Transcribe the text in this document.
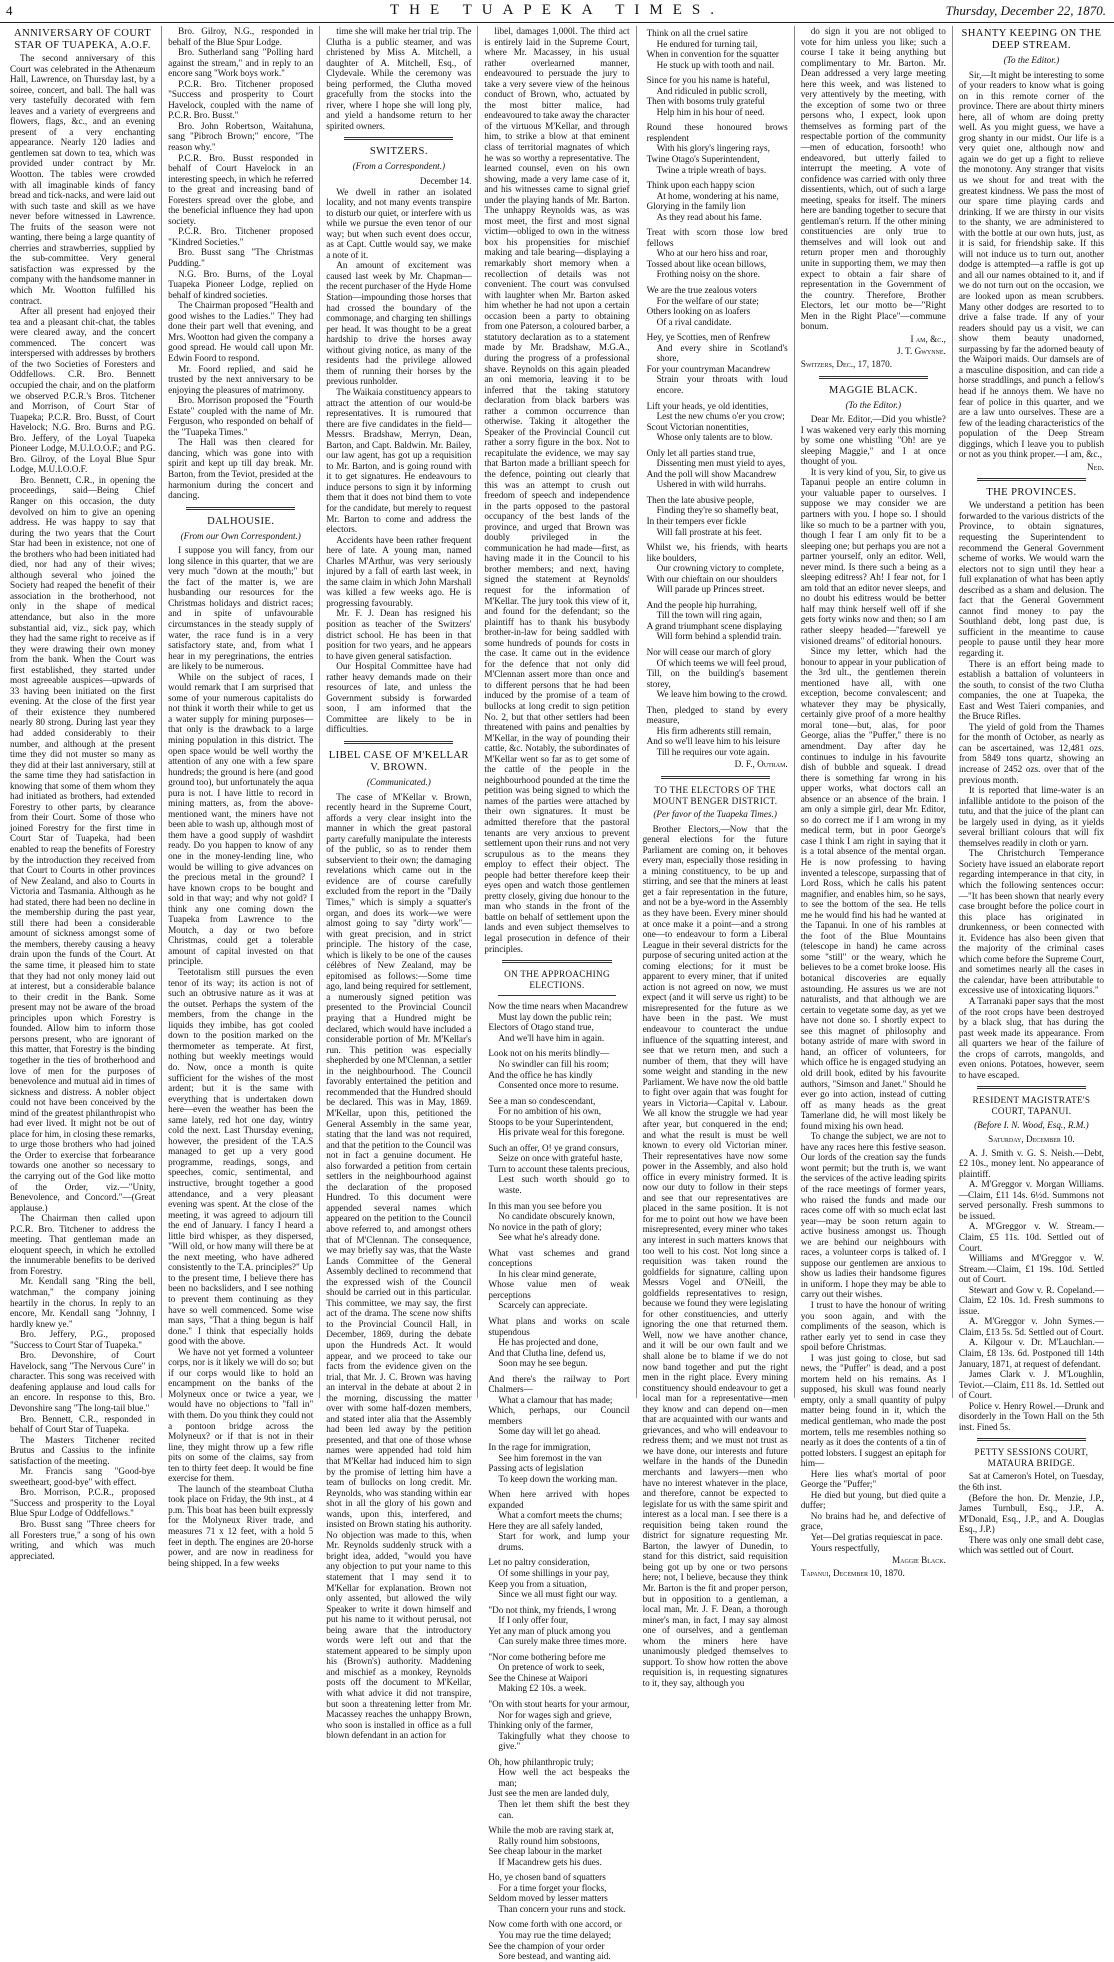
4	THE TUAPEKA TIMES.	Thursday, December 22, 1870.
ANNIVERSARY OF COURT STAR OF TUAPEKA, A.O.F.

The second anniversary of this Court was celebrated in the Athenæum Hall, Lawrence, on Thursday last, by a soiree, concert, and ball. The hall was very tastefully decorated with fern leaves and a variety of evergreens and flowers, flags, &c., and an evening present of a very enchanting appearance. Nearly 120 ladies and gentlemen sat down to tea, which was provided under contract by Mr. Wootton. The tables were crowded with all imaginable kinds of fancy bread and tick-nacks, and were laid out with such taste and skill as we have never before witnessed in Lawrence. The fruits of the season were not wanting, there being a large quantity of cherries and strawberries, supplied by the sub-committee. Very general satisfaction was expressed by the company with the handsome manner in which Mr. Wootton fulfilled his contract.

After all present had enjoyed their tea and a pleasant chit-chat, the tables were cleared away, and the concert commenced. The concert was interspersed with addresses by brothers of the two Societies of Foresters and Oddfellows. C.R. Bro. Bennett occupied the chair, and on the platform we observed P.C.R.'s Bros. Titchener and Morrison, of Court Star of Tuapeka; P.C.R. Bro. Busst, of Court Havelock; N.G. Bro. Burns and P.G. Bro. Jeffery, of the Loyal Tuapeka Pioneer Lodge, M.U.I.O.O.F.; and P.G. Bro. Gilroy, of the Loyal Blue Spur Lodge, M.U.I.O.O.F.

Bro. Bennett, C.R., in opening the proceedings, said—Being Chief Ranger on this occasion, the duty devolved on him to give an opening address. He was happy to say that during the two years that the Court Star had been in existence, not one of the brothers who had been initiated had died, nor had any of their wives; although several who joined the Society had reaped the benefit of their association in the brotherhood, not only in the shape of medical attendance, but also in the more substantial aid, viz., sick pay, which they had the same right to receive as if they were drawing their own money from the bank. When the Court was first established, they started under most agreeable auspices—upwards of 33 having been initiated on the first evening. At the close of the first year of their existence they numbered nearly 80 strong. During last year they had added considerably to their number, and although at the present time they did not muster so many as they did at their last anniversary, still at the same time they had satisfaction in knowing that some of them whom they had initiated as brothers, had extended Forestry to other parts, by clearance from their Court. Some of those who joined Forestry for the first time in Court Star of Tuapeka, had been enabled to reap the benefits of Forestry by the introduction they received from that Court to Courts in other provinces of New Zealand, and also to Courts in Victoria and Tasmania. Although as he had stated, there had been no decline in the membership during the past year, still there had been a considerable amount of sickness amongst some of the members, thereby causing a heavy drain upon the funds of the Court. At the same time, it pleased him to state that they had not only money laid out at interest, but a considerable balance to their credit in the Bank. Some present may not be aware of the broad principles upon which Forestry is founded. Allow him to inform those persons present, who are ignorant of this matter, that Forestry is the binding together in the ties of brotherhood and love of men for the purposes of benevolence and mutual aid in times of sickness and distress. A nobler object could not have been conceived by the mind of the greatest philanthropist who had ever lived. It might not be out of place for him, in closing these remarks, to urge those brothers who had joined the Order to exercise that forbearance towards one another so necessary to the carrying out of the God like motto of the Order, viz.—"Unity, Benevolence, and Concord."—(Great applause.)

The Chairman then called upon P.C.R. Bro. Titchener to address the meeting. That gentleman made an eloquent speech, in which he extolled the innumerable benefits to be derived from Forestry.

Mr. Kendall sang "Ring the bell, watchman," the company joining heartily in the chorus. In reply to an encore, Mr. Kendall sang "Johnny, I hardly knew ye."

Bro. Jeffery, P.G., proposed "Success to Court Star of Tuapeka."

Bro. Devonshire, of Court Havelock, sang "The Nervous Cure" in character. This song was received with deafening applause and loud calls for an encore. In response to this, Bro. Devonshire sang "The long-tail blue."

Bro. Bennett, C.R., responded in behalf of Court Star of Tuapeka.

The Masters Titchener recited Brutus and Cassius to the infinite satisfaction of the meeting.

Mr. Francis sang "Good-bye sweetheart, good-bye" with effect.

Bro. Morrison, P.C.R., proposed "Success and prosperity to the Loyal Blue Spur Lodge of Oddfellows."

Bro. Busst sang "Three cheers for all Foresters true," a song of his own writing, and which was much appreciated.

Bro. Gilroy, N.G., responded in behalf of the Blue Spur Lodge.

Bro. Sutherland sang "Polling hard against the stream," and in reply to an encore sang "Work boys work."

P.C.R. Bro. Titchener proposed "Success and prosperity to Court Havelock, coupled with the name of P.C.R. Bro. Busst."

Bro. John Robertson, Waitahuna, sang "Pibroch Brown;" encore, "The reason why."

P.C.R. Bro. Busst responded in behalf of Court Havelock in an interesting speech, in which he referred to the great and increasing band of Foresters spread over the globe, and the beneficial influence they had upon society.

P.C.R. Bro. Titchener proposed "Kindred Societies."

Bro. Busst sang "The Christmas Pudding."

N.G. Bro. Burns, of the Loyal Tuapeka Pioneer Lodge, replied on behalf of kindred societies.

The Chairman proposed "Health and good wishes to the Ladies." They had done their part well that evening, and Mrs. Wootton had given the company a good spread. He would call upon Mr. Edwin Foord to respond.

Mr. Foord replied, and said he trusted by the next anniversary to be enjoying the pleasures of matrimony.

Bro. Morrison proposed the "Fourth Estate" coupled with the name of Mr. Ferguson, who responded on behalf of the "Tuapeka Times."

The Hall was then cleared for dancing, which was gone into with spirit and kept up till day break. Mr. Barton, from the Teviot, presided at the harmonium during the concert and dancing.

DALHOUSIE.
(From our Own Correspondent.)

I suppose you will fancy, from our long silence in this quarter, that we are very much "down at the mouth;" but the fact of the matter is, we are husbanding our resources for the Christmas holidays and district races; and in spite of unfavourable circumstances in the steady supply of water, the race fund is in a very satisfactory state, and, from what I hear in my peregrinations, the entries are likely to be numerous.

While on the subject of races, I would remark that I am surprised that some of your numerous capitalists do not think it worth their while to get us a water supply for mining purposes—that only is the drawback to a large mining population in this district. The open space would be well worthy the attention of any one with a few spare hundreds; the ground is here (and good ground too), but unfortunately the aqua pura is not. I have little to record in mining matters, as, from the above-mentioned want, the miners have not been able to wash up, although most of them have a good supply of washdirt ready. Do you happen to know of any one in the money-lending line, who would be willing to give advances on the precious metal in the ground? I have known crops to be bought and sold in that way; and why not gold? I think any one coming down the Tuapeka from Lawrence to the Moutch, a day or two before Christmas, could get a tolerable amount of capital invested on that principle.

Teetotalism still pursues the even tenor of its way; its action is not of such an obtrusive nature as it was at the outset. Perhaps the system of the members, from the change in the liquids they imbibe, has got cooled down to the position marked on the thermometer as temperate. At first, nothing but weekly meetings would do. Now, once a month is quite sufficient for the wishes of the most ardent; but it is the same with everything that is undertaken down here—even the weather has been the same lately, red hot one day, wintry cold the next. Last Thursday evening, however, the president of the T.A.S managed to get up a very good programme, readings, songs, and speeches, comic, sentimental, and instructive, brought together a good attendance, and a very pleasant evening was spent. At the close of the meeting, it was agreed to adjourn till the end of January. I fancy I heard a little bird whisper, as they dispersed, "Will old, or how many will there be at the next meeting, who have adhered consistently to the T.A. principles?" Up to the present time, I believe there has been no backsliders, and I see nothing to prevent them continuing as they have so well commenced. Some wise man says, "That a thing begun is half done." I think that especially holds good with the above.

We have not yet formed a volunteer corps, nor is it likely we will do so; but if our corps would like to hold an encampment on the banks of the Molyneux once or twice a year, we would have no objections to "fall in" with them. Do you think they could not a pontoon bridge across the Molyneux? or if that is not in their line, they might throw up a few rifle pits on some of the claims, say from ten to thirty feet deep. It would be fine exercise for them.

The launch of the steamboat Clutha took place on Friday, the 9th inst., at 4 p.m. This boat has been built expressly for the Molyneux River trade, and measures 71 x 12 feet, with a hold 5 feet in depth. The engines are 20-horse power, and are now in readiness for being shipped. In a few weeks

time she will make her trial trip. The Clutha is a public steamer, and was christened by Miss A. Mitchell, a daughter of A. Mitchell, Esq., of Clydevale. While the ceremony was being performed, the Clutha moved gracefully from the stocks into the river, where I hope she will long ply, and yield a handsome return to her spirited owners.

SWITZERS.
(From a Correspondent.)
December 14.

We dwell in rather an isolated locality, and not many events transpire to disturb our quiet, or interfere with us while we pursue the even tenor of our way; but when such event does occur, as at Capt. Cuttle would say, we make a note of it.

An amount of excitement was caused last week by Mr. Chapman—the recent purchaser of the Hyde Home Station—impounding those horses that had crossed the boundary of the commonage, and charging ten shillings per head. It was thought to be a great hardship to drive the horses away without giving notice, as many of the residents had the privilege allowed them of running their horses by the previous runholder.

The Waikaia constituency appears to attract the attention of our would-be representatives. It is rumoured that there are five candidates in the field—Messrs. Bradshaw, Merryn, Dean, Barton, and Capt. Baldwin. Mr. Bailey, our law agent, has got up a requisition to Mr. Barton, and is going round with it to get signatures. He endeavours to induce persons to sign it by informing them that it does not bind them to vote for the candidate, but merely to request Mr. Barton to come and address the electors.

Accidents have been rather frequent here of late. A young man, named Charles M'Arthur, was very seriously injured by a fall of earth last week, in the same claim in which John Marshall was killed a few weeks ago. He is progressing favourably.

Mr. F. J. Dean has resigned his position as teacher of the Switzers' district school. He has been in that position for two years, and he appears to have given general satisfaction.

Our Hospital Committee have had rather heavy demands made on their resources of late, and unless the Government subsidy is forwarded soon, I am informed that the Committee are likely to be in difficulties.

LIBEL CASE OF M'KELLAR V. BROWN.
(Communicated.)

The case of M'Kellar v. Brown, recently heard in the Supreme Court, affords a very clear insight into the manner in which the great pastoral party carefully manipulate the interests of the public, so as to render them subservient to their own; the damaging revelations which came out in the evidence are of course carefully excluded from the report in the "Daily Times," which is simply a squatter's organ, and does its work—we were almost going to say "dirty work"—with great precision, and in strict principle. The history of the case, which is likely to be one of the causes célèbres of New Zealand, may be epitomised as follows:—Some time ago, land being required for settlement, a numerously signed petition was presented to the Provincial Council praying that a Hundred might be declared, which would have included a considerable portion of Mr. M'Kellar's run. This petition was especially shepherded by one M'Clennan, a settler in the neighbourhood. The Council favorably entertained the petition and recommended that the Hundred should be declared. This was in May, 1869. M'Kellar, upon this, petitioned the General Assembly in the same year, stating that the land was not required, and that the petition to the Council was not in fact a genuine document. He also forwarded a petition from certain settlers in the neighbourhood against the declaration of the proposed Hundred. To this document were appended several names which appeared on the petition to the Council above referred to, and amongst others that of M'Clennan. The consequence, we may briefly say was, that the Waste Lands Committee of the General Assembly declined to recommend that the expressed wish of the Council should be carried out in this particular. This committee, we may say, the first act of the drama. The scene now shifts to the Provincial Council Hall, in December, 1869, during the debate upon the Hundreds Act. It would appear, and we proceed to take our facts from the evidence given on the trial, that Mr. J. C. Brown was having an interval in the debate at about 2 in the morning, discussing the matter over with some half-dozen members, and stated inter alia that the Assembly had been led away by the petition presented, and that one of those whose names were appended had told him that M'Kellar had induced him to sign by the promise of letting him have a team of bullocks on long credit. Mr. Reynolds, who was standing within ear shot in all the glory of his gown and wands, upon this, interfered, and insisted on Brown stating his authority. No objection was made to this, when Mr. Reynolds suddenly struck with a bright idea, added, "would you have any objection to put your name to this statement that I may send it to M'Kellar for explanation. Brown not only assented, but allowed the wily Speaker to write it down himself and put his name to it without perusal, not being aware that the introductory words were left out and that the statement appeared to be simply upon his (Brown's) authority. Maddening and mischief as a monkey, Reynolds posts off the document to M'Kellar, with what advice it did not transpire, but soon a threatening letter from Mr. Macassey reaches the unhappy Brown, who soon is installed in office as a full blown defendant in an action for

libel, damages 1,000l. The third act is entirely laid in the Supreme Court, where Mr. Macassey, in his usual rather overlearned manner, endeavoured to persuade the jury to take a very severe view of the heinous conduct of Brown, who, actuated by the most bitter malice, had endeavoured to take away the character of the virtuous M'Kellar, and through him, to strike a blow at that eminent class of territorial magnates of which he was so worthy a representative. The learned counsel, even on his own showing, made a very lame case of it, and his witnesses came to signal grief under the playing hands of Mr. Barton. The unhappy Reynolds was, as was most meet, the first and most signal victim—obliged to own in the witness box his propensities for mischief making and tale bearing—displaying a remarkably short memory when a recollection of details was not convenient. The court was convulsed with laughter when Mr. Barton asked him whether he had not upon a certain occasion been a party to obtaining from one Paterson, a coloured barber, a statutory declaration as to a statement made by Mr. Bradshaw, M.G.A., during the progress of a professional shave. Reynolds on this again pleaded an oni memoria, leaving it to be inferred that the taking statutory declaration from black barbers was rather a common occurrence than otherwise. Taking it altogether the Speaker of the Provincial Council cut rather a sorry figure in the box. Not to recapitulate the evidence, we may say that Barton made a brilliant speech for the defence, pointing out clearly that this was an attempt to crush out freedom of speech and independence in the parts opposed to the pastoral occupancy of the best lands of the province, and urged that Brown was doubly privileged in the communication he had made—first, as having made it in the Council to his brother members; and next, having signed the statement at Reynolds' request for the information of M'Kellar. The jury took this view of it, and found for the defendant; so the plaintiff has to thank his busybody brother-in-law for being saddled with some hundreds of pounds for costs in the case. It came out in the evidence for the defence that not only did M'Clennan assert more than once and to different persons that he had been induced by the promise of a team of bullocks at long credit to sign petition No. 2, but that other settlers had been threatened with pains and penalties by M'Kellar, in the way of pounding their cattle, &c. Notably, the subordinates of M'Kellar went so far as to get some of the cattle of the people in the neighbourhood pounded at the time the petition was being signed to which the names of the parties were attached by their own signatures. It must be admitted therefore that the pastoral tenants are very anxious to prevent settlement upon their runs and not very scrupulous as to the means they employ to effect their object. The people had better therefore keep their eyes open and watch those gentlemen pretty closely, giving due honour to the man who stands in the front of the battle on behalf of settlement upon the lands and even subject themselves to legal prosecution in defence of their principles.

ON THE APPROACHING ELECTIONS.

Now the time nears when Macandrew

Must lay down the public rein;

Electors of Otago stand true,

And we'll have him in again.

Look not on his merits blindly—

No swindler can fill his room;

And the office he has kindly

Consented once more to resume.

See a man so condescendant,

For no ambition of his own,

Stoops to be your Superintendent,

His private weal for this foregone.

Such an offer, O! ye grand consurs,

Seize on once with grateful haste,

Turn to account these talents precious,

Lest such worth should go to waste.

In this man you see before you

No candidate obscurely known,

No novice in the path of glory;

See what he's already done.

What vast schemes and grand conceptions

In his clear mind generate,

Whose value men of weak perceptions

Scarcely can appreciate.

What plans and works on scale stupendous

He has projected and done,

And that Clutha line, defend us,

Soon may he see begun.

And there's the railway to Port Chalmers—

What a clamour that has made;

Which, perhaps, our Council members

Some day will let go ahead.

In the rage for immigration,

See him foremost in the van

Passing acts of legislation

To keep down the working man.

When here arrived with hopes expanded

What a comfort meets the chums;

Here they are all safely landed,

Start for work, and lump your drums.

Let no paltry consideration,

Of some shillings in your pay,

Keep you from a situation,

Since we all must fight our way.

"Do not think, my friends, I wrong

If I only offer four,

Yet any man of pluck among you

Can surely make three times more.

"Nor come bothering before me

On pretence of work to seek,

See the Chinese at Waipori

Making £2 10s. a week.

"On with stout hearts for your armour,

Nor for wages sigh and grieve,

Thinking only of the farmer,

Takingfully what they choose to give."

Oh, how philanthropic truly;

How well the act bespeaks the man;

Just see the men are landed duly,

Then let them shift the best they can.

While the mob are raving stark at,

Rally round him sobstoons,

See cheap labour in the market

If Macandrew gets his dues.

Ho, ye chosen band of squatters

For a time forget your flocks,

Seldom moved by lesser matters

Than concern your runs and stock.

Now come forth with one accord, or

You may rue the time delayed;

See the champion of your order

Sore bestead, and wanting aid.

Think on all the cruel satire

He endured for turning tail,

When in convention for the squatter

He stuck up with tooth and nail.

Since for you his name is hateful,

And ridiculed in public scroll,

Then with bosoms truly grateful

Help him in his hour of need.

Round these honoured brows resplendent

With his glory's lingering rays,

Twine Otago's Superintendent,

Twine a triple wreath of bays.

Think upon each happy scion

At home, wondering at his name,

Glorying in the family lion

As they read about his fame.

Treat with scorn those low bred fellows

Who at our hero hiss and roar,

Tossed about like ocean billows,

Frothing noisy on the shore.

We are the true zealous voters

For the welfare of our state;

Others looking on as loafers

Of a rival candidate.

Hey, ye Scotties, men of Renfrew

And every shire in Scotland's shore,

For your countryman Macandrew

Strain your throats with loud encore.

Lift your heads, ye old identities,

Lest the new chums o'er you crow;

Scout Victorian nonentities,

Whose only talents are to blow.

Only let all parties stand true,

Dissenting men must yield to ayes,

And the poll will show Macandrew

Ushered in with wild hurrahs.

Then the late abusive people,

Finding they're so shamefly beat,

In their tempers ever fickle

Will fall prostrate at his feet.

Whilst we, his friends, with hearts like boulders,

Our crowning victory to complete,

With our chieftain on our shoulders

Will parade up Princes street.

And the people hip hurrahing,

Till the town will ring again,

A grand triumphant scene displaying

Will form behind a splendid train.

Nor will cease our march of glory

Of which teems we will feel proud,

Till, on the building's basement storey,

We leave him bowing to the crowd.

Then, pledged to stand by every measure,

His firm adherents still remain,

And so we'll leave him to his leisure

Till he requires our vote again.

D. F., Outram.

TO THE ELECTORS OF THE MOUNT BENGER DISTRICT.
(Per favor of the Tuapeka Times.)

Brother Electors,—Now that the general elections for the future Parliament are coming on, it behoves every man, especially those residing in a mining constituency, to be up and stirring, and see that the miners at least get a fair representation in the future, and not be a bye-word in the Assembly as they have been. Every miner should at once make it a point—and a strong one—to endeavour to form a Liberal League in their several districts for the purpose of securing united action at the coming elections; for it must be apparent to every miner, that if united action is not agreed on now, we must expect (and it will serve us right) to be misrepresented for the future as we have been in the past. We must endeavour to counteract the undue influence of the squatting interest, and see that we return men, and such a number of them, that they will have some weight and standing in the new Parliament. We have now the old battle to fight over again that was fought for years in Victoria—Capital v. Labour. We all know the struggle we had year after year, but conquered in the end; and what the result is must be well known to every old Victorian miner. Their representatives have now some power in the Assembly, and also hold office in every ministry formed. It is now our duty to follow in their steps and see that our representatives are placed in the same position. It is not for me to point out how we have been misrepresented, every miner who takes any interest in such matters knows that too well to his cost. Not long since a requisition was taken round the goldfields for signature, calling upon Messrs Vogel and O'Neill, the goldfields representatives to resign, because we found they were legislating for other constituencies, and utterly ignoring the one that returned them. Well, now we have another chance, and it will be our own fault and we shall alone be to blame if we do not now band together and put the right men in the right place. Every mining constituency should endeavour to get a local man for a representative—men they know and can depend on—men that are acquainted with our wants and grievances, and who will endeavour to redress them; and we must not trust as we have done, our interests and future welfare in the hands of the Dunedin merchants and lawyers—men who have no interest whatever in the place, and therefore, cannot be expected to legislate for us with the same spirit and interest as a local man. I see there is a requisition being taken round the district for signature requesting Mr. Barton, the lawyer of Dunedin, to stand for this district, said requisition being got up by one or two persons here; not, I believe, because they think Mr. Barton is the fit and proper person, but in opposition to a gentleman, a local man, Mr. J. F. Dean, a thorough miner's man, in fact, I may say almost one of ourselves, and a gentleman whom the miners here have unanimously pledged themselves to support. To show how rotten the above requisition is, in requesting signatures to it, they say, although you

do sign it you are not obliged to vote for him unless you like; such a course I take it being anything but complimentary to Mr. Barton. Mr. Dean addressed a very large meeting here this week, and was listened to very attentively by the meeting, with the exception of some two or three persons who, I expect, look upon themselves as forming part of the respectable portion of the community—men of education, forsooth! who endeavored, but utterly failed to interrupt the meeting. A vote of confidence was carried with only three dissentients, which, out of such a large meeting, speaks for itself. The miners here are banding together to secure that gentleman's return. If the other mining constituencies are only true to themselves and will look out and return proper men and thoroughly unite in supporting them, we may then expect to obtain a fair share of representation in the Government of the country. Therefore, Brother Electors, let our motto be—"Right Men in the Right Place"—commune bonum.

I am, &c.,

J. T. Gwynne.

Switzers, Dec., 17, 1870.

MAGGIE BLACK.
(To the Editor.)

Dear Mr. Editor,—Did you whistle? I was wakened very early this morning by some one whistling "Oh! are ye sleeping Maggie," and I at once thought of you.

It is very kind of you, Sir, to give us Tapanui people an entire column in your valuable paper to ourselves. I suppose we may consider we are partners with you. I hope so. I should like so much to be a partner with you, though I fear I am only fit to be a sleeping one; but perhaps you are not a partner yourself, only an editor. Well, never mind. Is there such a being as a sleeping editress? Ah! I fear not, for I am told that an editor never sleeps, and no doubt his editress would be better half may think herself well off if she gets forty winks now and then; so I am rather sleepy headed—"farewell ye visioned dreams" of editorial honours.

Since my letter, which had the honour to appear in your publication of the 3rd ult., the gentlemen therein mentioned have all, with one exception, become convalescent; and whatever they may be physically, certainly give proof of a more healthy moral tone—but, alas, for poor George, alias the "Puffer," there is no amendment. Day after day he continues to indulge in his favourite dish of bubble and squeak. I dread there is something far wrong in his upper works, what doctors call an absence or an absence of the brain. I am only a simple girl, dear Mr. Editor, so do correct me if I am wrong in my medical term, but in poor George's case I think I am right in saying that it is a total absence of the mental organ. He is now professing to having invented a telescope, surpassing that of Lord Ross, which he calls his patent magnifier, and enables him, so he says, to see the bottom of the sea. He tells me he would find his had he wanted at the Tapanui. In one of his rambles at the foot of the Blue Mountains (telescope in hand) he came across some "still" or the weary, which he believes to be a comet broke loose. His botanical discoveries are equally astounding. He assures us we are not naturalists, and that although we are certain to vegetate some day, as yet we have not done so. I shortly expect to see this magnet of philosophy and botany astride of mare with sword in hand, an officer of volunteers, for which office he is engaged studying an old drill book, edited by his favourite authors, "Simson and Janet." Should he ever go into action, instead of cutting off as many heads as the great Tamerlane did, he will most likely be found mixing his own head.

To change the subject, we are not to have any races here this festive season. Our lords of the creation say the funds wont permit; but the truth is, we want the services of the active leading spirits of the race meetings of former years, who raised the funds and made our races come off with so much eclat last year—may be soon return again to active business amongst us. Though we are behind our neighbours with races, a volunteer corps is talked of. I suppose our gentlemen are anxious to show us ladies their handsome figures in uniform. I hope they may be able to carry out their wishes.

I trust to have the honour of writing you soon again, and with the compliments of the season, which is rather early yet to send in case they spoil before Christmas.

I was just going to close, but sad news, the "Puffer" is dead, and a post mortem held on his remains. As I supposed, his skull was found nearly empty, only a small quantity of pulpy matter being found in it, which the medical gentleman, who made the post mortem, tells me resembles nothing so nearly as it does the contents of a tin of potted lobsters. I suggest an epitaph for him—

Here lies what's mortal of poor George the "Puffer;"

He died but young, but died quite a duffer;

No brains had he, and defective of grace,

Yet—Del gratias requiescat in pace.

Yours respectfully,

Maggie Black.

Tapanui, December 10, 1870.

SHANTY KEEPING ON THE DEEP STREAM.
(To the Editor.)

Sir,—It might be interesting to some of your readers to know what is going on in this remote corner of the province. There are about thirty miners here, all of whom are doing pretty well. As you might guess, we have a grog shanty in our midst. Our life is a very quiet one, although now and again we do get up a fight to relieve the monotony. Any stranger that visits us we shout for and treat with the greatest kindness. We pass the most of our spare time playing cards and drinking. If we are thirsty in our visits to the shanty, we are administered to with the bottle at our own huts, just, as it is said, for friendship sake. If this will not induce us to turn out, another dodge is attempted—a raffle is got up and all our names obtained to it, and if we do not turn out on the occasion, we are looked upon as mean scrubbers. Many other dodges are resorted to to drive a false trade. If any of your readers should pay us a visit, we can show them beauty unadorned, surpassing by far the adorned beauty of the Waipori maids. Our damsels are of a masculine disposition, and can ride a horse straddlings, and punch a fellow's head if he annoys them. We have no fear of police in this quarter, and we are a law unto ourselves. These are a few of the leading characteristics of the population of the Deep Stream diggings, which I leave you to publish or not as you think proper.—I am, &c.,

Ned.

THE PROVINCES.

We understand a petition has been forwarded to the various districts of the Province, to obtain signatures, requesting the Superintendent to recommend the General Government scheme of works. We would warn the electors not to sign until they hear a full explanation of what has been aptly described as a sham and delusion. The fact that the General Government cannot find money to pay the Southland debt, long past due, is sufficient in the meantime to cause people to pause until they hear more regarding it.

There is an effort being made to establish a battalion of volunteers in the south, to consist of the two Clutha companies, the one at Tuapeka, the East and West Taieri companies, and the Bruce Rifles.

The yield of gold from the Thames for the month of October, as nearly as can be ascertained, was 12,481 ozs. from 5849 tons quartz, showing an increase of 2452 ozs. over that of the previous month.

It is reported that lime-water is an infallible antidote to the poison of the tutu, and that the juice of the plant can be largely used in dying, as it yields several brilliant colours that will fix themselves readily in cloth or yarn.

The Christchurch Temperance Society have issued an elaborate report regarding intemperance in that city, in which the following sentences occur:—"It has been shown that nearly every case brought before the police court in this place has originated in drunkenness, or been connected with it. Evidence has also been given that the majority of the criminal cases which come before the Supreme Court, and sometimes nearly all the cases in the calendar, have been attributable to excessive use of intoxicating liquors."

A Tarranaki paper says that the most of the root crops have been destroyed by a black slug, that has during the past week made its appearance. From all quarters we hear of the failure of the crops of carrots, mangolds, and even onions. Potatoes, however, seem to have escaped.

RESIDENT MAGISTRATE'S COURT, TAPANUI.
(Before I. N. Wood, Esq., R.M.)
Saturday, December 10.

A. J. Smith v. G. S. Neish.—Debt, £2 10s., money lent. No appearance of plaintiff.

A. M'Greggor v. Morgan Williams.—Claim, £11 14s. 6½d. Summons not served personally. Fresh summons to be issued.

A. M'Greggor v. W. Stream.—Claim, £5 11s. 10d. Settled out of Court.

Williams and M'Greggor v. W. Stream.—Claim, £1 19s. 10d. Settled out of Court.

Stewart and Gow v. R. Copeland.—Claim, £2 10s. 1d. Fresh summons to issue.

A. M'Greggor v. John Symes.—Claim, £13 5s. 5d. Settled out of Court.

A. Kilgour v. Dr. M'Lauchlan.—Claim, £8 13s. 6d. Postponed till 14th January, 1871, at request of defendant.

James Clark v. J. M'Loughlin, Teviot.—Claim, £11 8s. 1d. Settled out of Court.

Police v. Henry Rowel.—Drunk and disorderly in the Town Hall on the 5th inst. Fined 5s.

PETTY SESSIONS COURT, MATAURA BRIDGE.

Sat at Cameron's Hotel, on Tuesday, the 6th inst.

(Before the hon. Dr. Menzie, J.P., James Turnbull, Esq., J.P., A. M'Donald, Esq., J.P., and A. Douglas Esq., J.P.)

There was only one small debt case, which was settled out of Court.
